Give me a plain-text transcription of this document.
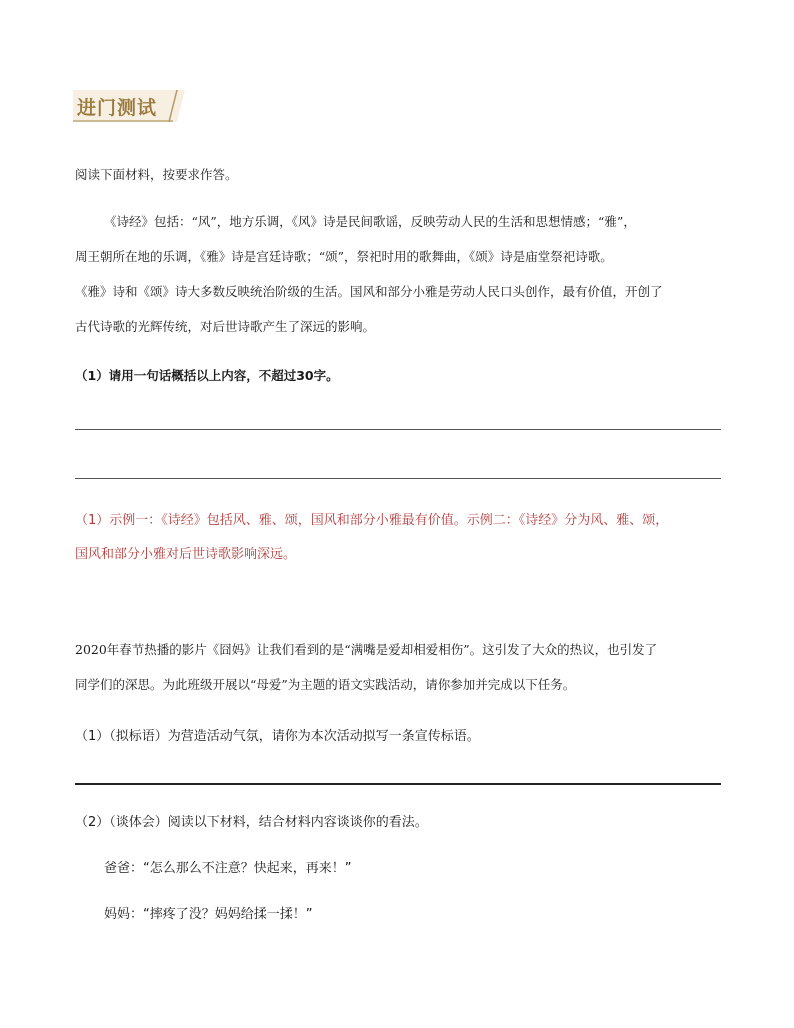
进门测试
阅读下面材料，按要求作答。
《诗经》包括：“风”，地方乐调，《风》诗是民间歌谣，反映劳动人民的生活和思想情感；“雅”，
周王朝所在地的乐调，《雅》诗是宫廷诗歌；“颂”，祭祀时用的歌舞曲，《颂》诗是庙堂祭祀诗歌。
《雅》诗和《颂》诗大多数反映统治阶级的生活。国风和部分小雅是劳动人民口头创作，最有价值，开创了
古代诗歌的光辉传统，对后世诗歌产生了深远的影响。
（1）请用一句话概括以上内容，不超过30字。
（1）示例一：《诗经》包括风、雅、颂，国风和部分小雅最有价值。示例二：《诗经》分为风、雅、颂，
国风和部分小雅对后世诗歌影响深远。
2020年春节热播的影片《囧妈》让我们看到的是“满嘴是爱却相爱相伤”。这引发了大众的热议，也引发了
同学们的深思。为此班级开展以“母爱”为主题的语文实践活动，请你参加并完成以下任务。
（1）（拟标语）为营造活动气氛，请你为本次活动拟写一条宣传标语。
（2）（谈体会）阅读以下材料，结合材料内容谈谈你的看法。
爸爸：“怎么那么不注意？快起来，再来！”
妈妈：“摔疼了没？妈妈给揉一揉！”
